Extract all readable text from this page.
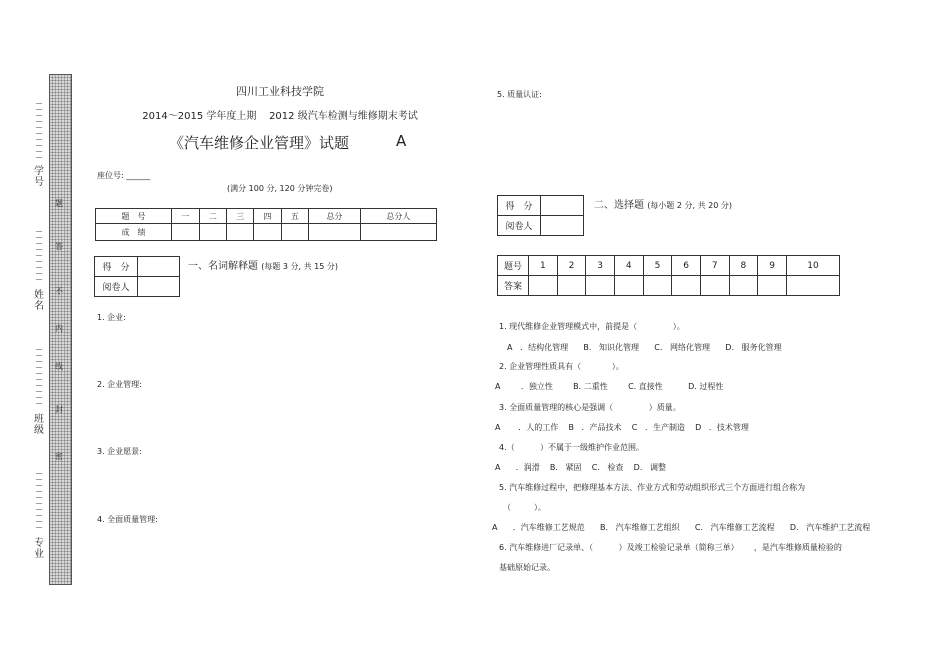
题
答
不
内
线
封
密
—
—
—
—
—
—
—
—
—
—
学号
—
—
—
—
—
—
—
—
—
姓名
—
—
—
—
—
—
—
—
—
—
班级
—
—
—
—
—
—
—
—
—
—
专业
四川工业科技学院
2014～2015 学年度上期    2012 级汽车检测与维修期末考试
《汽车维修企业管理》试题	A
座位号: ______
(满分 100 分, 120 分钟完卷)
题　号	一	二	三	四	五	总分	总分人
成　绩							
得　分	
阅卷人	
一、名词解释题 (每题 3 分, 共 15 分)
1. 企业:
2. 企业管理:
3. 企业愿景:
4. 全面质量管理:
5. 质量认证:
得　分	
阅卷人	
二、选择题 (每小题 2 分, 共 20 分)
题号	1	2	3	4	5	6	7	8	9	10
答案										
1. 现代维修企业管理模式中，前提是（              ）。
A   ．结构化管理      B.   知识化管理      C.   网络化管理      D.   服务化管理
2. 企业管理性质具有（            ）。
A        ．独立性        B. 二重性        C. 直接性          D. 过程性
3. 全面质量管理的核心是强调（              ）质量。
A       ．人的工作    B   ．产品技术    C   ．生产制造    D   ．技术管理
4.（          ）不属于一级维护作业范围。
A      ．润滑    B.   紧固    C.   检查    D.   调整
5. 汽车维修过程中，把修理基本方法、作业方式和劳动组织形式三个方面进行组合称为
（         ）。
A      ．汽车维修工艺规范      B.   汽车维修工艺组织      C.   汽车维修工艺流程      D.   汽车维护工艺流程
6. 汽车维修进厂记录单、（          ）及竣工检验记录单（简称三单）      ，是汽车维修质量检验的
基础原始记录。
